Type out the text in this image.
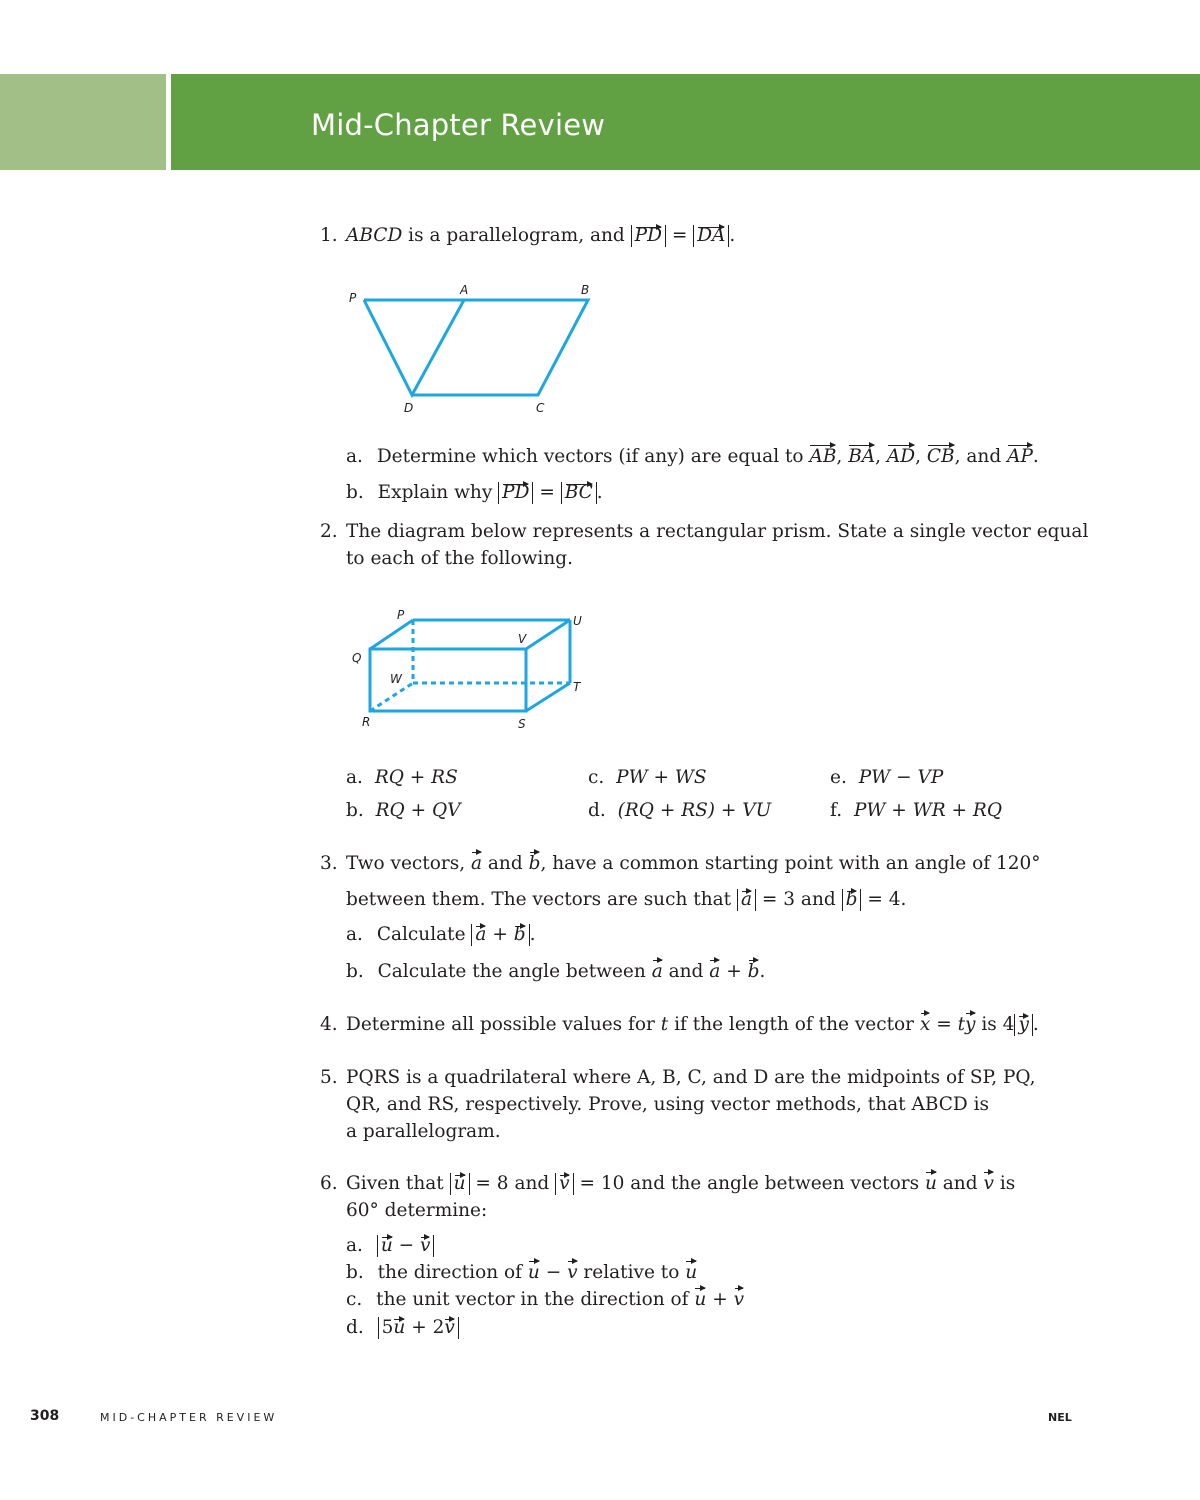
Mid-Chapter Review
1. ABCD is a parallelogram, and PD = DA .
P
A	B
D	C
a. Determine which vectors (if any) are equal to AB, BA, AD, CB, and AP.
b. Explain why PD = BC .
2. The diagram below represents a rectangular prism. State a single vector equal
to each of the following.
P	U
Q
V
W
T
R	S
a. RQ + RS
b. RQ + QV
c. PW + WS
d. (RQ + RS) + VU
e. PW − VP
f. PW + WR + RQ
3. Two vectors, a and b, have a common starting point with an angle of 120°
between them. The vectors are such that a = 3 and b = 4.
a. Calculate a + b .
b. Calculate the angle between a and a + b.
4. Determine all possible values for t if the length of the vector x = ty is 4 y .
5. PQRS is a quadrilateral where A, B, C, and D are the midpoints of SP, PQ,
QR, and RS, respectively. Prove, using vector methods, that ABCD is
a parallelogram.
6. Given that u = 8 and v = 10 and the angle between vectors u and v is
60° determine:
a. u − v
b. the direction of u − v relative to u
c. the unit vector in the direction of u + v
d. 5u + 2v
308	MID-CHAPTER REVIEW	NEL
